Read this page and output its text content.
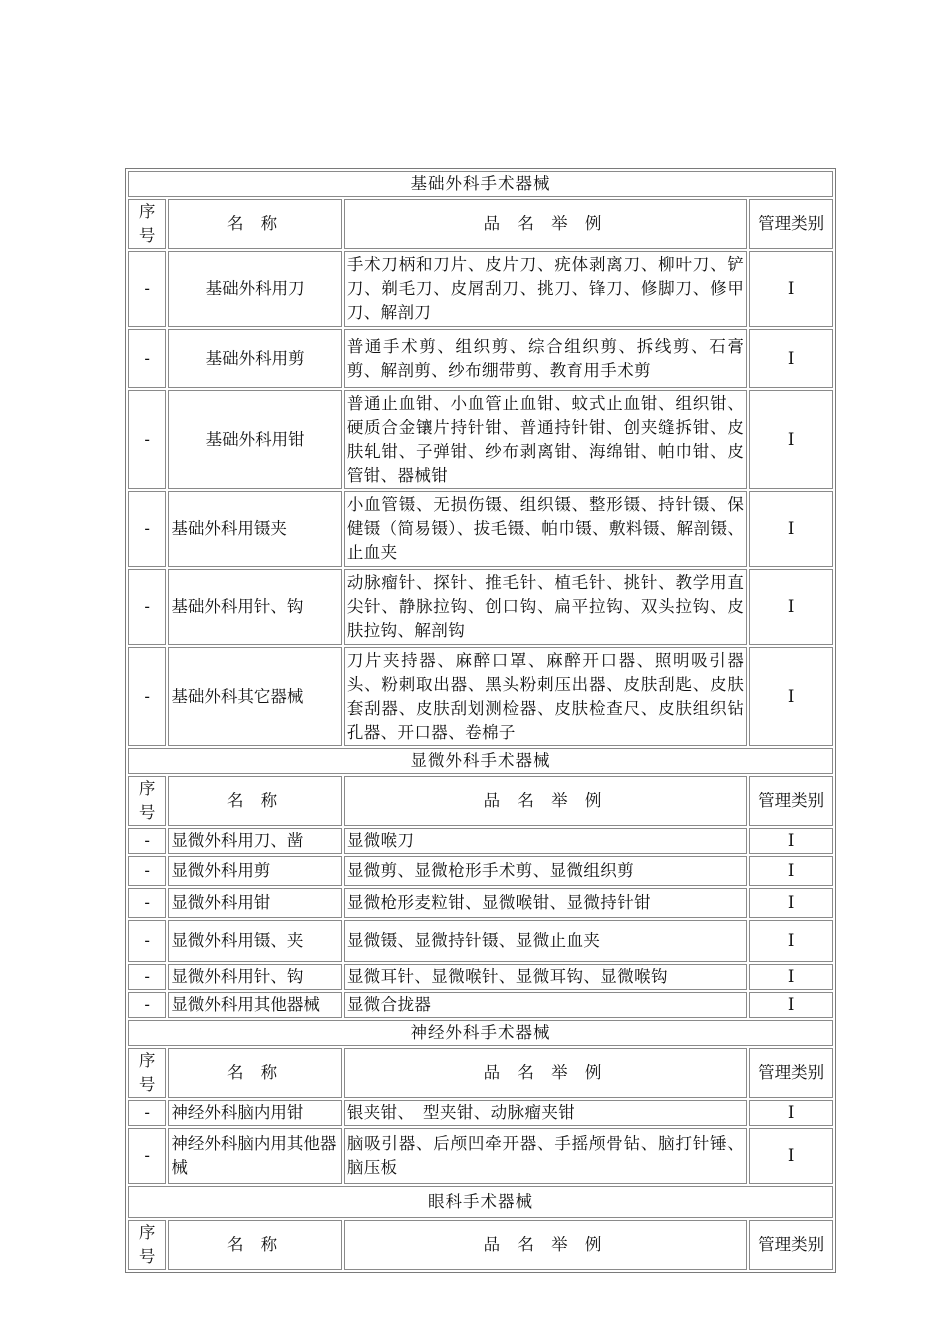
基础外科手术器械			
序号	名 称	品 名 举 例	管理类别
-	基础外科用刀	手术刀柄和刀片、皮片刀、疣体剥离刀、柳叶刀、铲刀、剃毛刀、皮屑刮刀、挑刀、锋刀、修脚刀、修甲刀、解剖刀	I
-	基础外科用剪	普通手术剪、组织剪、综合组织剪、拆线剪、石膏剪、解剖剪、纱布绷带剪、教育用手术剪	I
-	基础外科用钳	普通止血钳、小血管止血钳、蚊式止血钳、组织钳、硬质合金镶片持针钳、普通持针钳、创夹缝拆钳、皮肤轧钳、子弹钳、纱布剥离钳、海绵钳、帕巾钳、皮管钳、器械钳	I
-	基础外科用镊夹	小血管镊、无损伤镊、组织镊、整形镊、持针镊、保健镊（简易镊）、拔毛镊、帕巾镊、敷料镊、解剖镊、止血夹	I
-	基础外科用针、钩	动脉瘤针、探针、推毛针、植毛针、挑针、教学用直尖针、静脉拉钩、创口钩、扁平拉钩、双头拉钩、皮肤拉钩、解剖钩	I
-	基础外科其它器械	刀片夹持器、麻醉口罩、麻醉开口器、照明吸引器头、粉刺取出器、黑头粉刺压出器、皮肤刮匙、皮肤套刮器、皮肤刮划测检器、皮肤检查尺、皮肤组织钻孔器、开口器、卷棉子	I
显微外科手术器械			
序号	名 称	品 名 举 例	管理类别
-	显微外科用刀、凿	显微喉刀	I
-	显微外科用剪	显微剪、显微枪形手术剪、显微组织剪	I
-	显微外科用钳	显微枪形麦粒钳、显微喉钳、显微持针钳	I
-	显微外科用镊、夹	显微镊、显微持针镊、显微止血夹	I
-	显微外科用针、钩	显微耳针、显微喉针、显微耳钩、显微喉钩	I
-	显微外科用其他器械	显微合拢器	I
神经外科手术器械			
序号	名 称	品 名 举 例	管理类别
-	神经外科脑内用钳	银夹钳、　型夹钳、动脉瘤夹钳	I
-	神经外科脑内用其他器械	脑吸引器、后颅凹牵开器、手摇颅骨钻、脑打针锤、脑压板	I
眼科手术器械			
序号	名 称	品 名 举 例	管理类别
